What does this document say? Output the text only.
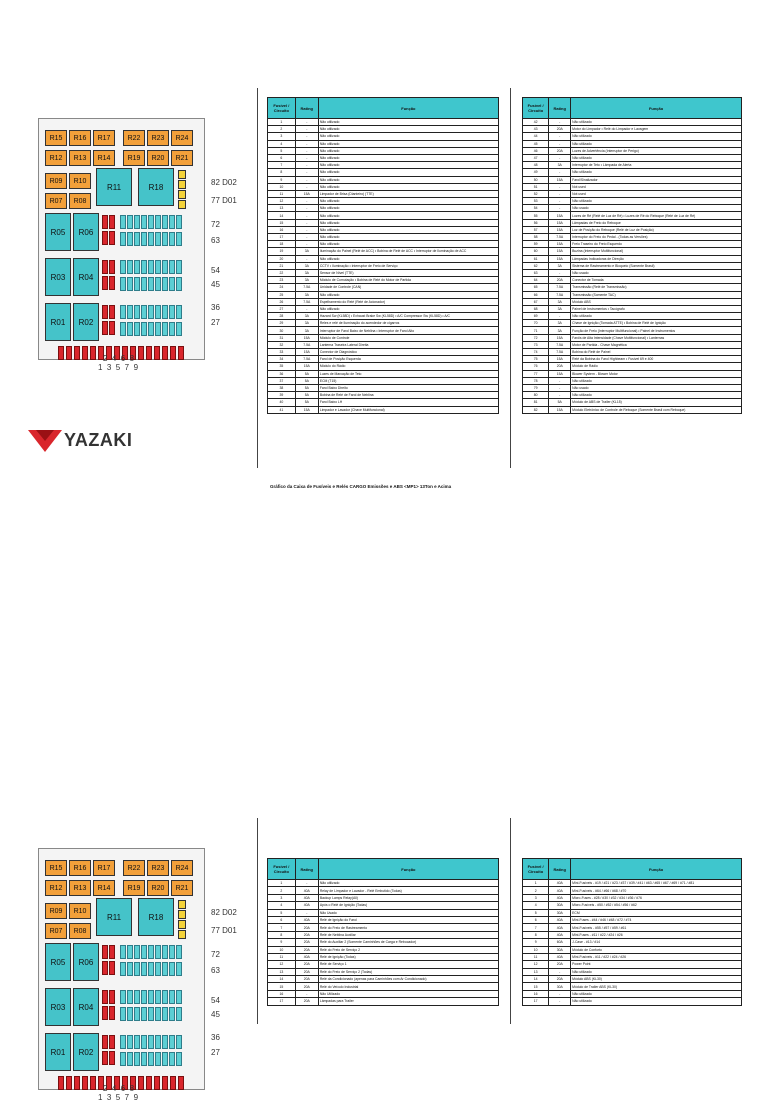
R15	R16	R17	R22	R23	R24
R12	R13	R14	R19	R20	R21
R09	R10
R11	R18
R07	R08
R05	R06
R03	R04
R01	R02
82 D02
77 D01
72
63
54
45
36
27
2  4  6  8
1  3  5  7  9
YAZAKI
Fusível / Circuito	Rating	Função
1	-	Não utilizado
2	-	Não utilizado
3	-	Não utilizado
4	-	Não utilizado
5	-	Não utilizado
6	-	Não utilizado
7	-	Não utilizado
8	-	Não utilizado
9	-	Não utilizado
10	-	Não utilizado
11	15A	Limpador de Brisa (Dianteiro) (TTE)
12	-	Não utilizado
13	-	Não utilizado
14	-	Não utilizado
15	-	Não utilizado
16	-	Não utilizado
17	-	Não utilizado
18	-	Não utilizado
19	3A	Iluminação do Painel (Relé de ACC) • Bobina de Relé de ACC • Interruptor de Iluminação de ACC
20	-	Não utilizado
21	3A	CCTV • Iluminação • Interruptor de Freio de Serviço
22	3A	Sensor de Nível (TTE)
23	3A	Módulo de Comutação • Bobina de Relé do Motor de Partida
24	7.5A	Unidade de Controle (CAN)
25	3A	Não utilizado
26	7.5A	Espelhamento do Relé (Relé de Acionador)
27	-	Não utilizado
28	3A	Hazard Sw (KL58D) • Exhaust Brake Sw (KL58D) • A/C Compressor Sw (KL58D) • A/C
29	3A	Reles e relé de Iluminação do acendedor de cigarros
30	3A	Interruptor de Farol Baixo de Neblina • Interruptor de Farol Alto
31	15A	Módulo de Controle
32	7.5A	Lanterna Traseira Lateral Direita
33	15A	Conector de Diagnóstico
34	7.5A	Farol de Posição Esquerda
35	15A	Módulo do Rádio
36	5A	Luzes de Marcação de Teto
37	5A	ECM (T15)
38	5A	Farol Baixo Direito
39	5A	Bobina de Relé de Farol de Neblina
40	5A	Farol Baixo LH
41	15A	Limpador e Lavador (Chave Multifuncional)
Gráfico da Caixa de Fusíveis e Relés CARGO Emissões e ABS <MP1> 13Ton e Acima
Fusível / Circuito	Rating	Função
42	-	Não utilizado
43	20A	Motor do Limpador • Relé do Limpador e Lavagem
44	-	Não utilizado
45	-	Não utilizado
46	20A	Luzes de Advertência (Interruptor de Perigo)
47	-	Não utilizado
48	3A	Interruptor de Teto • Lâmpada de Alerta
49	-	Não utilizado
50	15A	Farol/Sinalizador
51	-	Not used
52	-	Not used
53	-	Não utilizado
54	-	Não usado
55	15A	Luzes de Ré (Relé de Luz de Ré) • Luzes de Ré do Reboque (Relé de Luz de Ré)
56	15A	Lâmpadas de Freio do Reboque
57	15A	Luz de Posição do Reboque (Relé de Luz de Posição)
58	7.5A	Interruptor do Freio do Pedal - (Todas as Versões)
59	15A	Freio Traseiro do Freio Esquerdo
60	15A	Buzina (Interruptor Multifuncional)
61	15A	Lâmpadas Indicadoras de Direção
62	3A	Sistema de Rastreamento e Bloqueio (Somente Brasil)
63	-	Não usado
64	20A	Conector de Tomada
65	7.5A	Transmissão (Relé de Transmissão)
66	7.5A	Transmissão (Somente TAC)
67	3A	Módulo ABS
68	3A	Painel de Instrumentos • Tacógrafo
69	-	Não utilizado
70	3A	Chave de Ignição (Tomada ATTE) • Bobina de Relé de Ignição
71	3A	Função de Freio (Interruptor Multifuncional) • Painel de Instrumentos
72	15A	Faróis de Alta Intensidade (Chave Multifuncional) • Lanternas
73	7.5A	Motor de Partida - Chave Magnética
74	7.5A	Bobina do Relé de Painel
75	15A	Relé da Bobina do Farol Highbeam • Fusível 69 e 400
76	20A	Módulo de Rádio
77	15A	Blower System - Blower Motor
78	-	Não utilizado
79	-	Não usado
80	-	Não utilizado
81	5A	Módulo de ABS de Trailer (KL15)
82	15A	Módulo Eletrônico de Controle de Reboque (Somente Brasil com Reboque)
R15	R16	R17	R22	R23	R24
R12	R13	R14	R19	R20	R21
R09	R10
R11	R18
R07	R08
R05	R06
R03	R04
R01	R02
82 D02
77 D01
72
63
54
45
36
27
2  4  6  8
1  3  5  7  9
Fusível / Circuito	Rating	Função
1	-	Não utilizado
2	40A	Relay de Limpador e Lavador - Relé Embutido (Todas)
3	40A	Backup Lamps Relay(All)
4	40A	Após o Relé de Ignição (Todas)
5	-	Não Usado
6	40A	Relé de Ignição do Farol
7	20A	Relé do Freio de Rastreamento
8	20A	Relé de Neblina Auxiliar
9	20A	Relé do Auxiliar 2 (Somente Caminhões de Carga e Rebocador)
10	20A	Relé do Freio de Serviço 2
11	40A	Relé de Ignição (Todas)
12	20A	Relé de Serviço 1
13	20A	Relé do Freio de Serviço 2 (Todas)
14	20A	Relé da Condicionado (apenas para Caminhões com Ar Condicionado)
15	20A	Relé do Veículo Industrial
16	-	Não Utilizado
17	20A	Lâmpadas para Trailer
Fusível / Circuito	Rating	Função
1	40A	Mini-Fusíveis - #19 / #21 / #23 / #37 / #39 / #41 / #63 / #65 / #67 / #69 / #71 / #81
2	40A	Mini-Fusíveis - #64 / #66 / #68 / #70
3	40A	Micro-Fuses - #28 / #30 / #32 / #34 / #36 / #76
4	30A	Micro-Fusíveis - #50 / #52 / #54 / #56 / #62
5	30A	ECM
6	40A	Mini-Fuses - #44 / #46 / #48 / #72 / #74
7	40A	Mini-Fusíveis - #55 / #57 / #59 / #61
8	40A	Mini-Fuses - #11 / #22 / #24 / #26
9	60A	J-Case - #13 / #14
10	30A	Módulo de Conforto
11	40A	Mini-Fusíveis - #11 / #22 / #24 / #26
12	20A	Power Point
13	-	Não utilizado
14	20A	Módulo ABS (KL30)
15	30A	Módulo de Trailer ABS (KL30)
16	-	Não utilizado
17	-	Não utilizado
